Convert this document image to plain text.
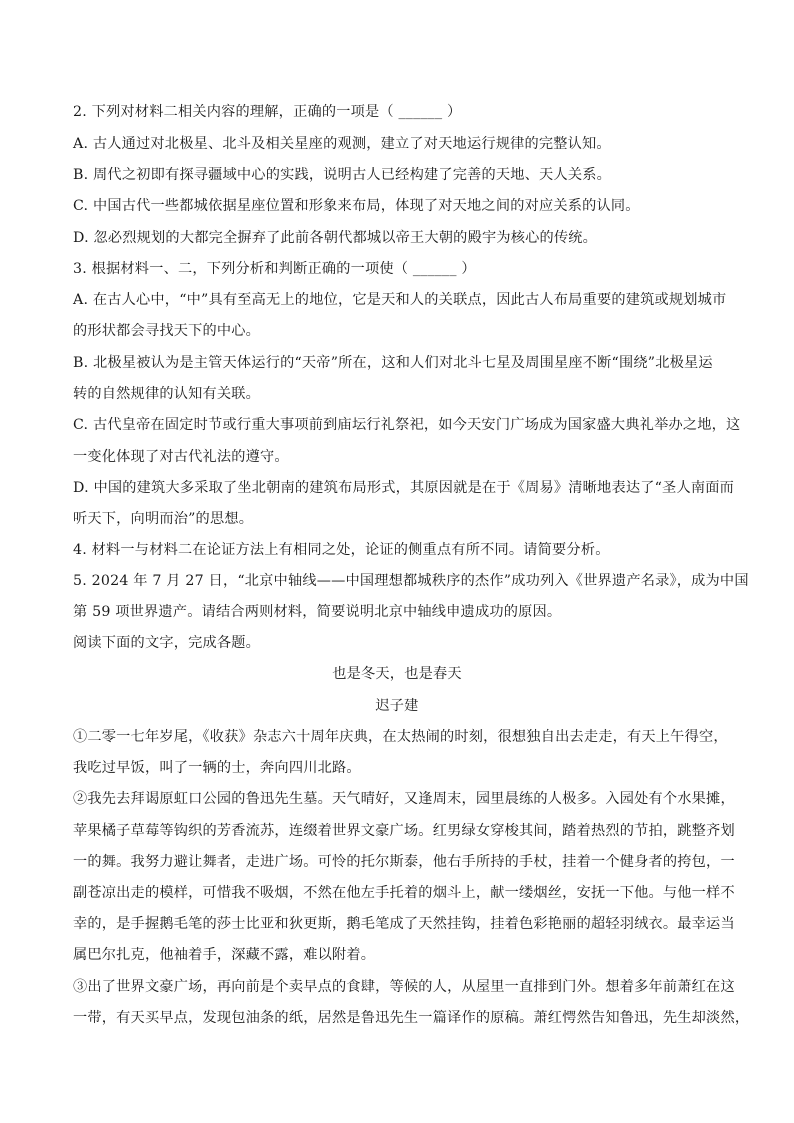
2. 下列对材料二相关内容的理解，正确的一项是（ ______ ）
A. 古人通过对北极星、北斗及相关星座的观测，建立了对天地运行规律的完整认知。
B. 周代之初即有探寻疆域中心的实践，说明古人已经构建了完善的天地、天人关系。
C. 中国古代一些都城依据星座位置和形象来布局，体现了对天地之间的对应关系的认同。
D. 忽必烈规划的大都完全摒弃了此前各朝代都城以帝王大朝的殿宇为核心的传统。
3. 根据材料一、二，下列分析和判断正确的一项使（ ______ ）
A. 在古人心中，“中”具有至高无上的地位，它是天和人的关联点，因此古人布局重要的建筑或规划城市
的形状都会寻找天下的中心。
B. 北极星被认为是主管天体运行的“天帝”所在，这和人们对北斗七星及周围星座不断“围绕”北极星运
转的自然规律的认知有关联。
C. 古代皇帝在固定时节或行重大事项前到庙坛行礼祭祀，如今天安门广场成为国家盛大典礼举办之地，这
一变化体现了对古代礼法的遵守。
D. 中国的建筑大多采取了坐北朝南的建筑布局形式，其原因就是在于《周易》清晰地表达了“圣人南面而
听天下，向明而治”的思想。
4. 材料一与材料二在论证方法上有相同之处，论证的侧重点有所不同。请简要分析。
5. 2024 年 7 月 27 日，“北京中轴线——中国理想都城秩序的杰作”成功列入《世界遗产名录》，成为中国
第 59 项世界遗产。请结合两则材料，简要说明北京中轴线申遗成功的原因。
阅读下面的文字，完成各题。
也是冬天，也是春天
迟子建
①二零一七年岁尾，《收获》杂志六十周年庆典，在太热闹的时刻，很想独自出去走走，有天上午得空，
我吃过早饭，叫了一辆的士，奔向四川北路。
②我先去拜谒原虹口公园的鲁迅先生墓。天气晴好，又逢周末，园里晨练的人极多。入园处有个水果摊，
苹果橘子草莓等钩织的芳香流苏，连缀着世界文豪广场。红男绿女穿梭其间，踏着热烈的节拍，跳整齐划
一的舞。我努力避让舞者，走进广场。可怜的托尔斯泰，他右手所持的手杖，挂着一个健身者的挎包，一
副苍凉出走的模样，可惜我不吸烟，不然在他左手托着的烟斗上，献一缕烟丝，安抚一下他。与他一样不
幸的，是手握鹅毛笔的莎士比亚和狄更斯，鹅毛笔成了天然挂钩，挂着色彩艳丽的超轻羽绒衣。最幸运当
属巴尔扎克，他袖着手，深藏不露，难以附着。
③出了世界文豪广场，再向前是个卖早点的食肆，等候的人，从屋里一直排到门外。想着多年前萧红在这
一带，有天买早点，发现包油条的纸，居然是鲁迅先生一篇译作的原稿。萧红愕然告知鲁迅，先生却淡然，
